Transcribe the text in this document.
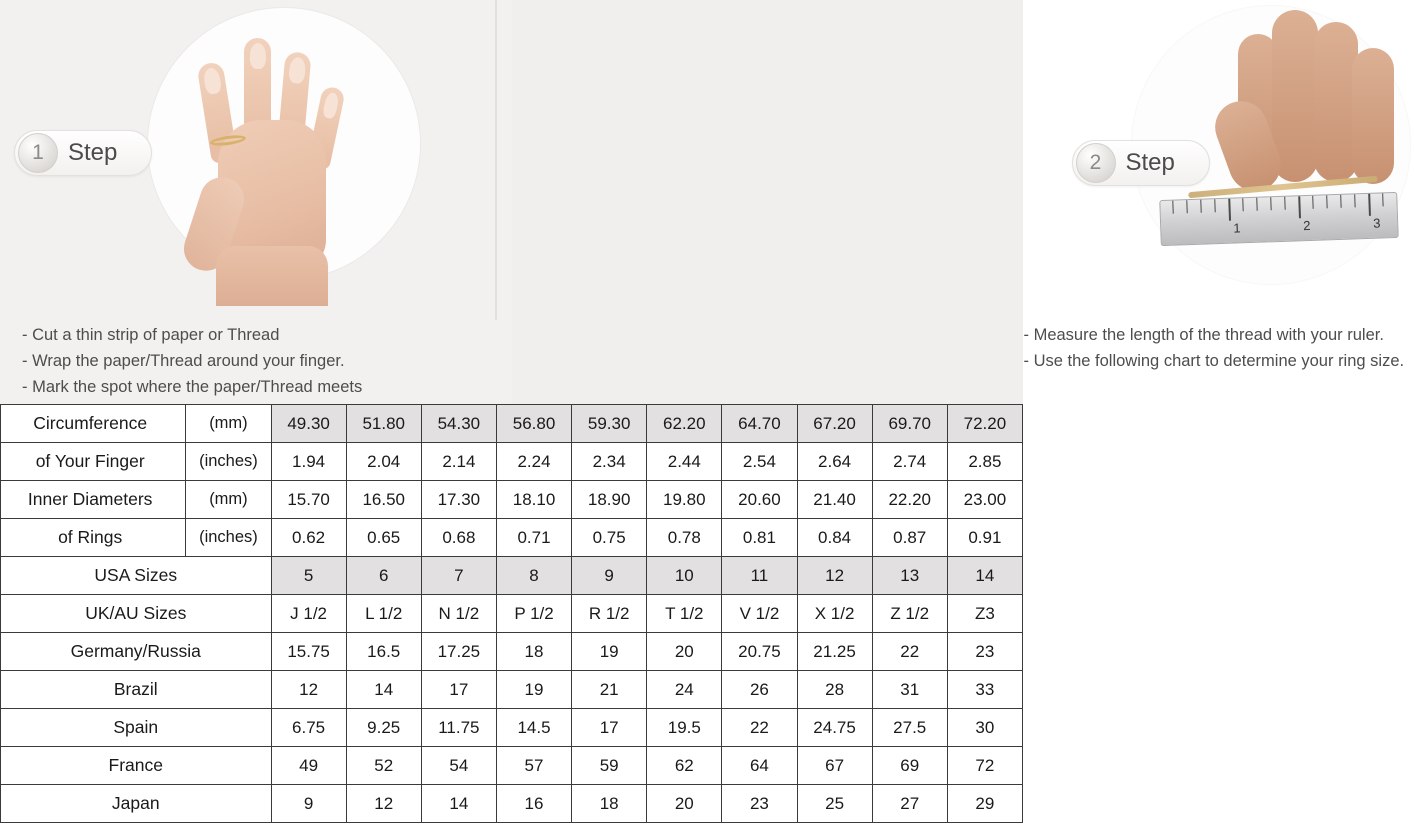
1	Step
- Cut a thin strip of paper or Thread
- Wrap the paper/Thread around your finger.
- Mark the spot where the paper/Thread meets
1	2	3
2	Step
- Measure the length of the thread with your ruler.
- Use the following chart to determine your ring size.
Circumference	(mm)	49.30	51.80	54.30	56.80	59.30	62.20	64.70	67.20	69.70	72.20
of Your Finger	(inches)	1.94	2.04	2.14	2.24	2.34	2.44	2.54	2.64	2.74	2.85
Inner Diameters	(mm)	15.70	16.50	17.30	18.10	18.90	19.80	20.60	21.40	22.20	23.00
of Rings	(inches)	0.62	0.65	0.68	0.71	0.75	0.78	0.81	0.84	0.87	0.91
USA Sizes		5	6	7	8	9	10	11	12	13	14
UK/AU Sizes		J 1/2	L 1/2	N 1/2	P 1/2	R 1/2	T 1/2	V 1/2	X 1/2	Z 1/2	Z3
Germany/Russia		15.75	16.5	17.25	18	19	20	20.75	21.25	22	23
Brazil		12	14	17	19	21	24	26	28	31	33
Spain		6.75	9.25	11.75	14.5	17	19.5	22	24.75	27.5	30
France		49	52	54	57	59	62	64	67	69	72
Japan		9	12	14	16	18	20	23	25	27	29
